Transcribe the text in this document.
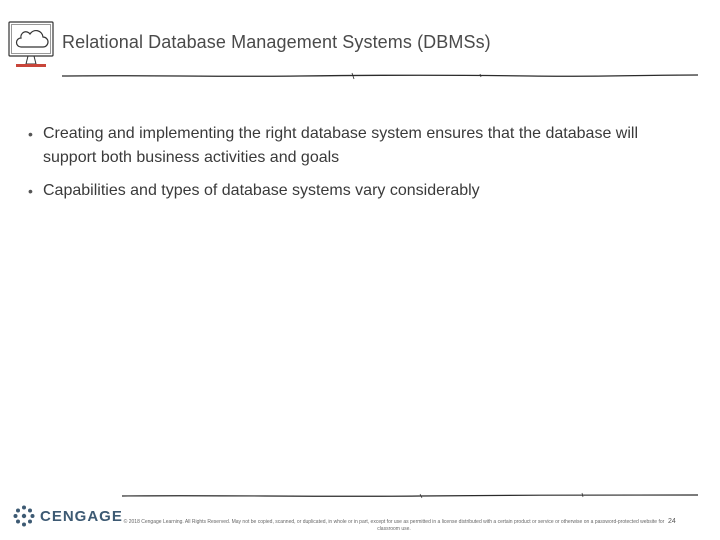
Relational Database Management Systems (DBMSs)
• Creating and implementing the right database system ensures that the database will support both business activities and goals
• Capabilities and types of database systems vary considerably
CENGAGE © 2018 Cengage Learning. All Rights Reserved. May not be copied, scanned, or duplicated, in whole or in part, except for use as permitted in a license distributed with a certain product or service or otherwise on a password-protected website for classroom use.
24
